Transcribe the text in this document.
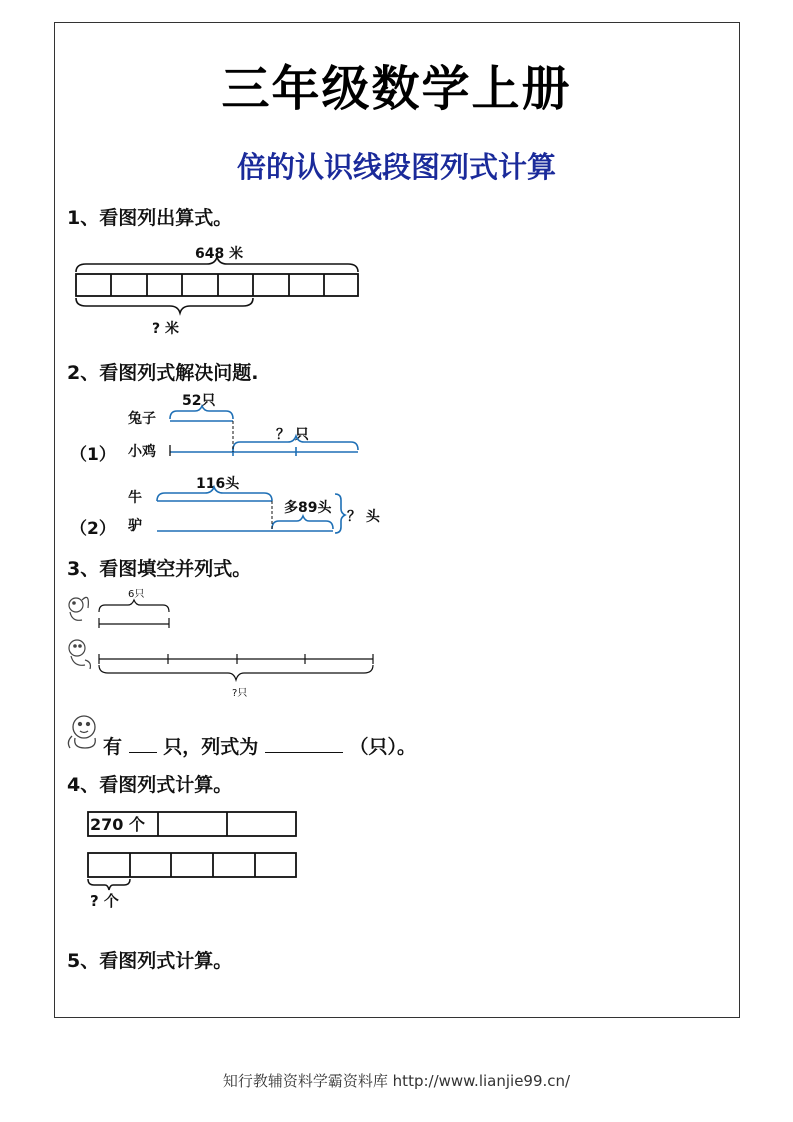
三年级数学上册
倍的认识线段图列式计算
1、看图列出算式。
648 米
? 米
2、看图列式解决问题.
52只
兔子
（1） 小鸡
？ 只
116头
牛
多89头
？ 头
（2） 驴
3、看图填空并列式。
6只
?只
有 只，列式为	（只）。
4、看图列式计算。
270 个
? 个
5、看图列式计算。
知行教辅资料学霸资料库 http://www.lianjie99.cn/
